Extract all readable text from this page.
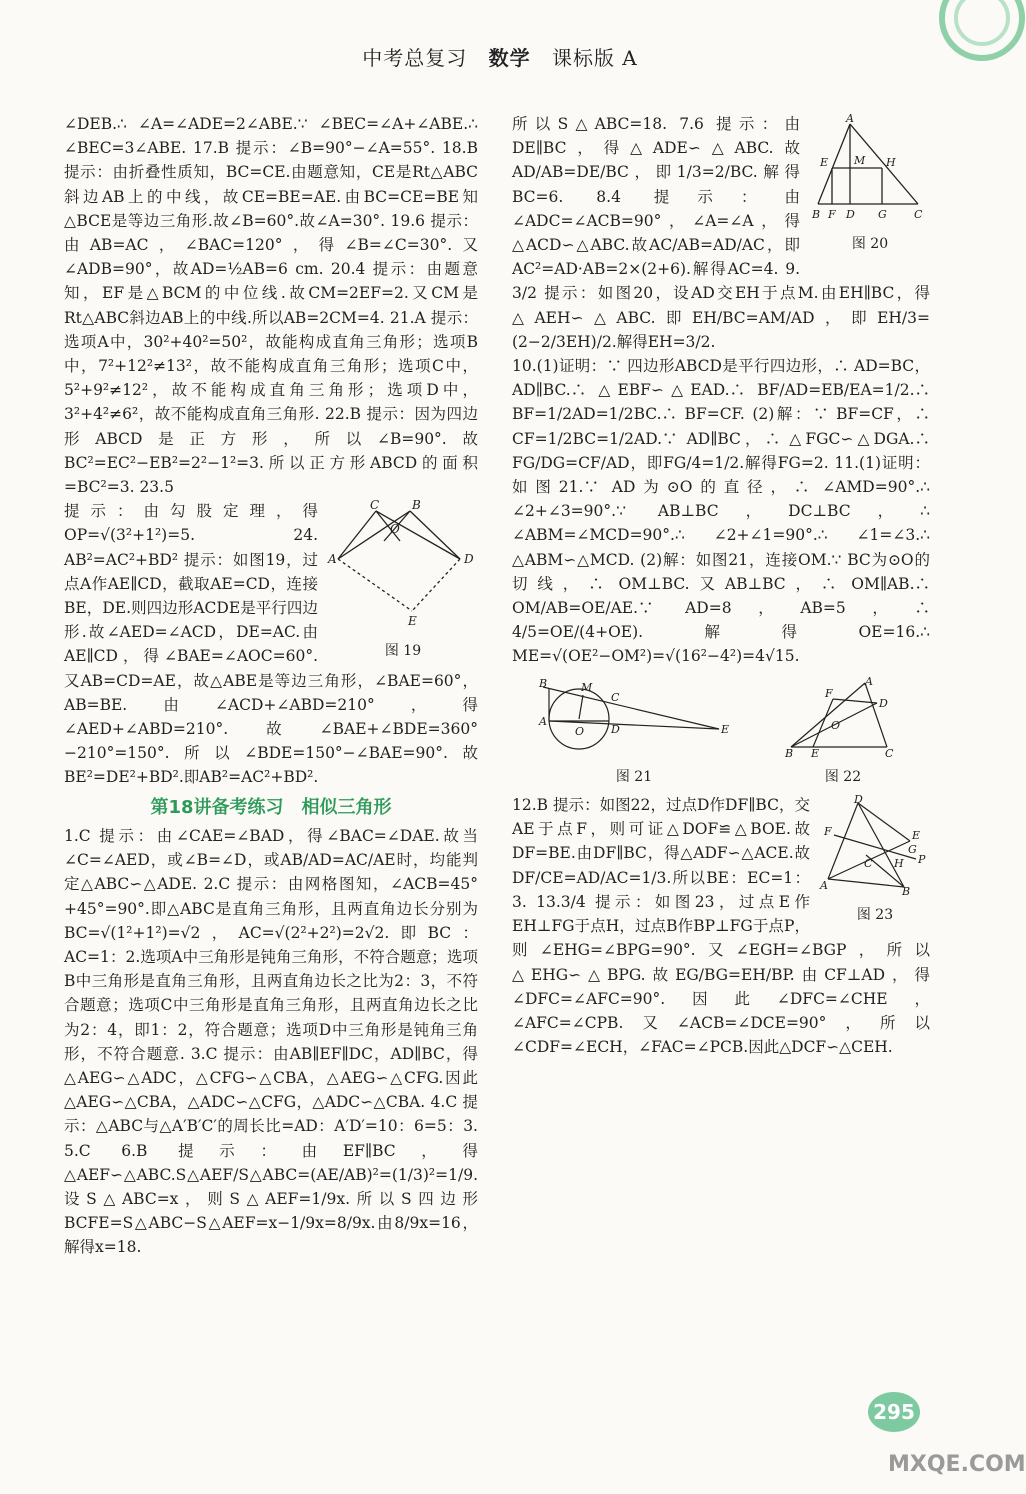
中考总复习 数学 课标版 A

∠DEB.∴ ∠A=∠ADE=2∠ABE.∵ ∠BEC=∠A+∠ABE.∴ ∠BEC=3∠ABE. 17.B 提示：∠B=90°−∠A=55°. 18.B 提示：由折叠性质知，BC=CE.由题意知，CE是Rt△ABC斜边AB上的中线，故CE=BE=AE.由BC=CE=BE知△BCE是等边三角形.故∠B=60°.故∠A=30°. 19.6 提示：由AB=AC，∠BAC=120°，得∠B=∠C=30°.又∠ADB=90°，故AD=½AB=6 cm. 20.4 提示：由题意知，EF是△BCM的中位线.故CM=2EF=2.又CM是Rt△ABC斜边AB上的中线.所以AB=2CM=4. 21.A 提示：选项A中，30²+40²=50²，故能构成直角三角形；选项B中，7²+12²≠13²，故不能构成直角三角形；选项C中，5²+9²≠12²，故不能构成直角三角形；选项D中，3²+4²≠6²，故不能构成直角三角形. 22.B 提示：因为四边形ABCD是正方形，所以∠B=90°.故BC²=EC²−EB²=2²−1²=3.所以正方形ABCD的面积=BC²=3. 23.5

C	B
O
A	D
E
图 19

提示：由勾股定理，得OP=√(3²+1²)=5. 24. AB²=AC²+BD² 提示：如图19，过点A作AE∥CD，截取AE=CD，连接BE，DE.则四边形ACDE是平行四边形.故∠AED=∠ACD，DE=AC.由AE∥CD，得∠BAE=∠AOC=60°.又AB=CD=AE，故△ABE是等边三角形，∠BAE=60°，AB=BE.由∠ACD+∠ABD=210°，得∠AED+∠ABD=210°.故∠BAE+∠BDE=360°−210°=150°.所以∠BDE=150°−∠BAE=90°.故BE²=DE²+BD².即AB²=AC²+BD².

第18讲备考练习　相似三角形

1.C 提示：由∠CAE=∠BAD，得∠BAC=∠DAE.故当∠C=∠AED，或∠B=∠D，或AB/AD=AC/AE时，均能判定△ABC∽△ADE. 2.C 提示：由网格图知，∠ACB=45°+45°=90°.即△ABC是直角三角形，且两直角边长分别为BC=√(1²+1²)=√2，AC=√(2²+2²)=2√2.即BC：AC=1：2.选项A中三角形是钝角三角形，不符合题意；选项B中三角形是直角三角形，且两直角边长之比为2：3，不符合题意；选项C中三角形是直角三角形，且两直角边长之比为2：4，即1：2，符合题意；选项D中三角形是钝角三角形，不符合题意. 3.C 提示：由AB∥EF∥DC，AD∥BC，得△AEG∽△ADC，△CFG∽△CBA，△AEG∽△CFG.因此△AEG∽△CBA，△ADC∽△CFG，△ADC∽△CBA. 4.C 提示：△ABC与△A′B′C′的周长比=AD：A′D′=10：6=5：3. 5.C 6.B 提示：由EF∥BC，得△AEF∽△ABC.S△AEF/S△ABC=(AE/AB)²=(1/3)²=1/9.设S△ABC=x，则S△AEF=1/9x.所以S四边形BCFE=S△ABC−S△AEF=x−1/9x=8/9x.由8/9x=16，解得x=18.

A
E M H
B F D G C
图 20

所以S△ABC=18. 7.6 提示：由DE∥BC，得△ADE∽△ABC.故AD/AB=DE/BC，即1/3=2/BC.解得BC=6. 8.4 提示：由∠ADC=∠ACB=90°，∠A=∠A，得△ACD∽△ABC.故AC/AB=AD/AC，即AC²=AD·AB=2×(2+6).解得AC=4. 9. 3/2 提示：如图20，设AD交EH于点M.由EH∥BC，得△AEH∽△ABC.即EH/BC=AM/AD，即EH/3=(2−2/3EH)/2.解得EH=3/2.

10.(1)证明：∵ 四边形ABCD是平行四边形，∴ AD=BC，AD∥BC.∴ △EBF∽△EAD.∴ BF/AD=EB/EA=1/2.∴ BF=1/2AD=1/2BC.∴ BF=CF. (2)解：∵ BF=CF，∴ CF=1/2BC=1/2AD.∵ AD∥BC，∴ △FGC∽△DGA.∴ FG/DG=CF/AD，即FG/4=1/2.解得FG=2. 11.(1)证明：如图21.∵ AD为⊙O的直径，∴ ∠AMD=90°.∴ ∠2+∠3=90°.∵ AB⊥BC，DC⊥BC，∴ ∠ABM=∠MCD=90°.∴ ∠2+∠1=90°.∴ ∠1=∠3.∴ △ABM∽△MCD. (2)解：如图21，连接OM.∵ BC为⊙O的切线，∴ OM⊥BC.又AB⊥BC，∴ OM∥AB.∴ OM/AB=OE/AE.∵ AD=8，AB=5，∴ 4/5=OE/(4+OE).解得OE=16.∴ ME=√(OE²−OM²)=√(16²−4²)=4√15.

B	M
C
A
O D	E
图 21
F
A
D
O
B E	C
图 22
D
F	E
G
P
C H
A	B
图 23

12.B 提示：如图22，过点D作DF∥BC，交AE于点F，则可证△DOF≌△BOE.故DF=BE.由DF∥BC，得△ADF∽△ACE.故DF/CE=AD/AC=1/3.所以BE：EC=1：3. 13.3/4 提示：如图23，过点E作EH⊥FG于点H，过点B作BP⊥FG于点P，则∠EHG=∠BPG=90°.又∠EGH=∠BGP，所以△EHG∽△BPG.故EG/BG=EH/BP.由CF⊥AD，得∠DFC=∠AFC=90°.因此∠DFC=∠CHE，∠AFC=∠CPB.又∠ACB=∠DCE=90°，所以∠CDF=∠ECH，∠FAC=∠PCB.因此△DCF∽△CEH.

295
MXQE.COM
